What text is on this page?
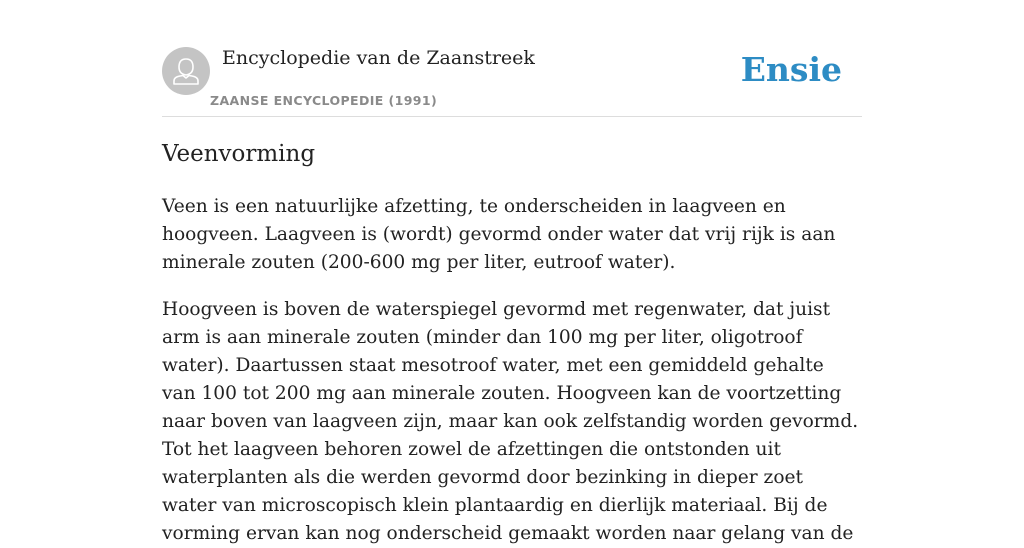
Encyclopedie van de Zaanstreek
ZAANSE ENCYCLOPEDIE (1991)
Ensie
Veenvorming

Veen is een natuurlijke afzetting, te onderscheiden in laagveen en hoogveen. Laagveen is (wordt) gevormd onder water dat vrij rijk is aan minerale zouten (200-600 mg per liter, eutroof water).

Hoogveen is boven de waterspiegel gevormd met regenwater, dat juist arm is aan minerale zouten (minder dan 100 mg per liter, oligotroof water). Daartussen staat mesotroof water, met een gemiddeld gehalte van 100 tot 200 mg aan minerale zouten. Hoogveen kan de voortzetting naar boven van laagveen zijn, maar kan ook zelfstandig worden gevormd. Tot het laagveen behoren zowel de afzettingen die ontstonden uit waterplanten als die werden gevormd door bezinking in dieper zoet water van microscopisch klein plantaardig en dierlijk materiaal. Bij de vorming ervan kan nog onderscheid gemaakt worden naar gelang van de
